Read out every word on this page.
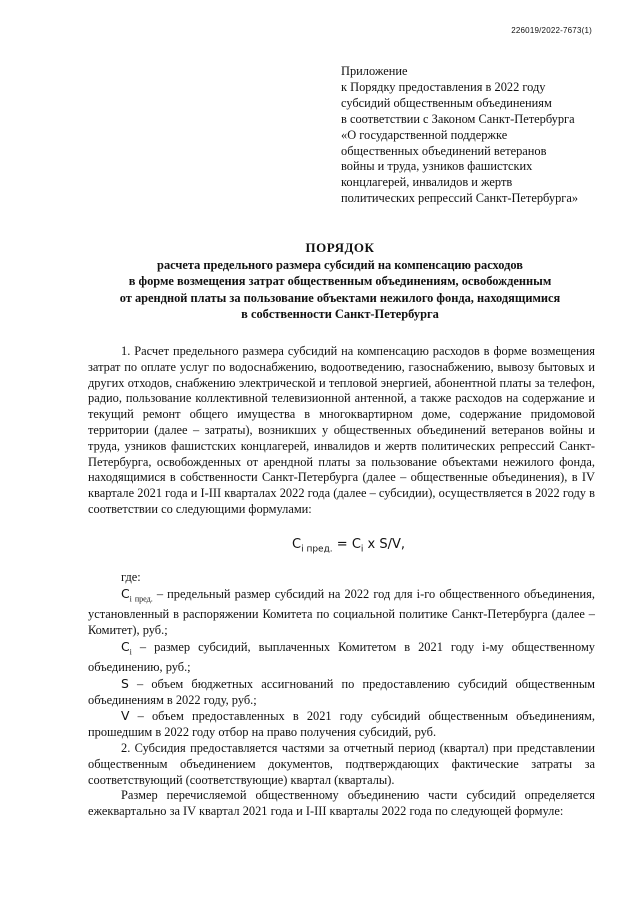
226019/2022-7673(1)
Приложение
к Порядку предоставления в 2022 году
субсидий общественным объединениям
в соответствии с Законом Санкт-Петербурга
«О государственной поддержке
общественных объединений ветеранов
войны и труда, узников фашистских
концлагерей, инвалидов и жертв
политических репрессий Санкт-Петербурга»
ПОРЯДОК
расчета предельного размера субсидий на компенсацию расходов
в форме возмещения затрат общественным объединениям, освобожденным
от арендной платы за пользование объектами нежилого фонда, находящимися
в собственности Санкт-Петербурга

1. Расчет предельного размера субсидий на компенсацию расходов в форме возмещения затрат по оплате услуг по водоснабжению, водоотведению, газоснабжению, вывозу бытовых и других отходов, снабжению электрической и тепловой энергией, абонентной платы за телефон, радио, пользование коллективной телевизионной антенной, а также расходов на содержание и текущий ремонт общего имущества в многоквартирном доме, содержание придомовой территории (далее – затраты), возникших у общественных объединений ветеранов войны и труда, узников фашистских концлагерей, инвалидов и жертв политических репрессий Санкт-Петербурга, освобожденных от арендной платы за пользование объектами нежилого фонда, находящимися в собственности Санкт-Петербурга (далее – общественные объединения), в IV квартале 2021 года и I-III кварталах 2022 года (далее – субсидии), осуществляется в 2022 году в соответствии со следующими формулами:

$C_{i пред.} = C_i$ x S/V,

где:

$C_{i пред.}$ – предельный размер субсидий на 2022 год для i-го общественного объединения, установленный в распоряжении Комитета по социальной политике Санкт-Петербурга (далее – Комитет), руб.;

$C_i$ – размер субсидий, выплаченных Комитетом в 2021 году i-му общественному объединению, руб.;

S – объем бюджетных ассигнований по предоставлению субсидий общественным объединениям в 2022 году, руб.;

V – объем предоставленных в 2021 году субсидий общественным объединениям, прошедшим в 2022 году отбор на право получения субсидий, руб.

2. Субсидия предоставляется частями за отчетный период (квартал) при представлении общественным объединением документов, подтверждающих фактические затраты за соответствующий (соответствующие) квартал (кварталы).

Размер перечисляемой общественному объединению части субсидий определяется ежеквартально за IV квартал 2021 года и I-III кварталы 2022 года по следующей формуле:
